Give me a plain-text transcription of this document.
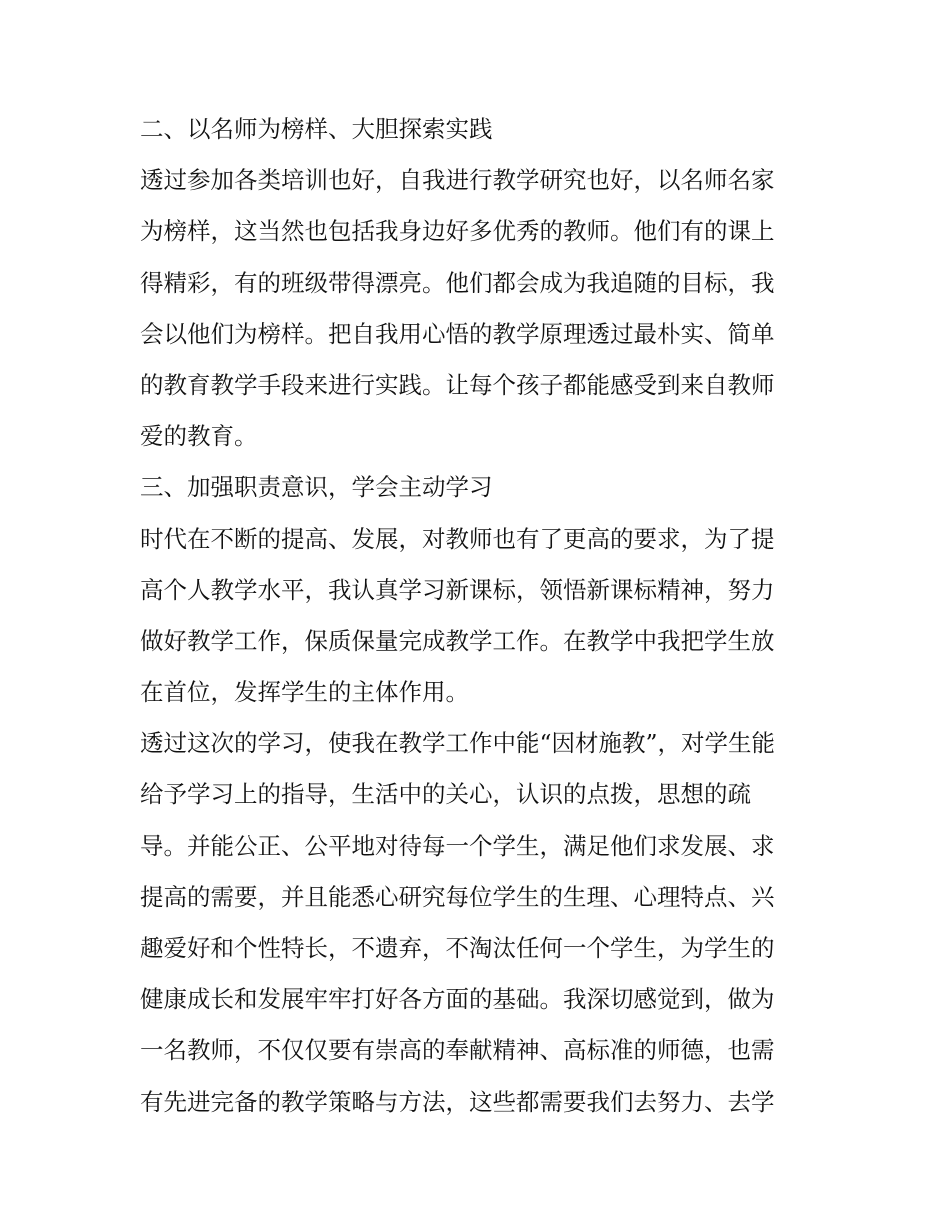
二、以名师为榜样、大胆探索实践
透过参加各类培训也好，自我进行教学研究也好，以名师名家
为榜样，这当然也包括我身边好多优秀的教师。他们有的课上
得精彩，有的班级带得漂亮。他们都会成为我追随的目标，我
会以他们为榜样。把自我用心悟的教学原理透过最朴实、简单
的教育教学手段来进行实践。让每个孩子都能感受到来自教师
爱的教育。
三、加强职责意识，学会主动学习
时代在不断的提高、发展，对教师也有了更高的要求，为了提
高个人教学水平，我认真学习新课标，领悟新课标精神，努力
做好教学工作，保质保量完成教学工作。在教学中我把学生放
在首位，发挥学生的主体作用。
透过这次的学习，使我在教学工作中能“因材施教”，对学生能
给予学习上的指导，生活中的关心，认识的点拨，思想的疏
导。并能公正、公平地对待每一个学生，满足他们求发展、求
提高的需要，并且能悉心研究每位学生的生理、心理特点、兴
趣爱好和个性特长，不遗弃，不淘汰任何一个学生，为学生的
健康成长和发展牢牢打好各方面的基础。我深切感觉到，做为
一名教师，不仅仅要有崇高的奉献精神、高标准的师德，也需
有先进完备的教学策略与方法，这些都需要我们去努力、去学
